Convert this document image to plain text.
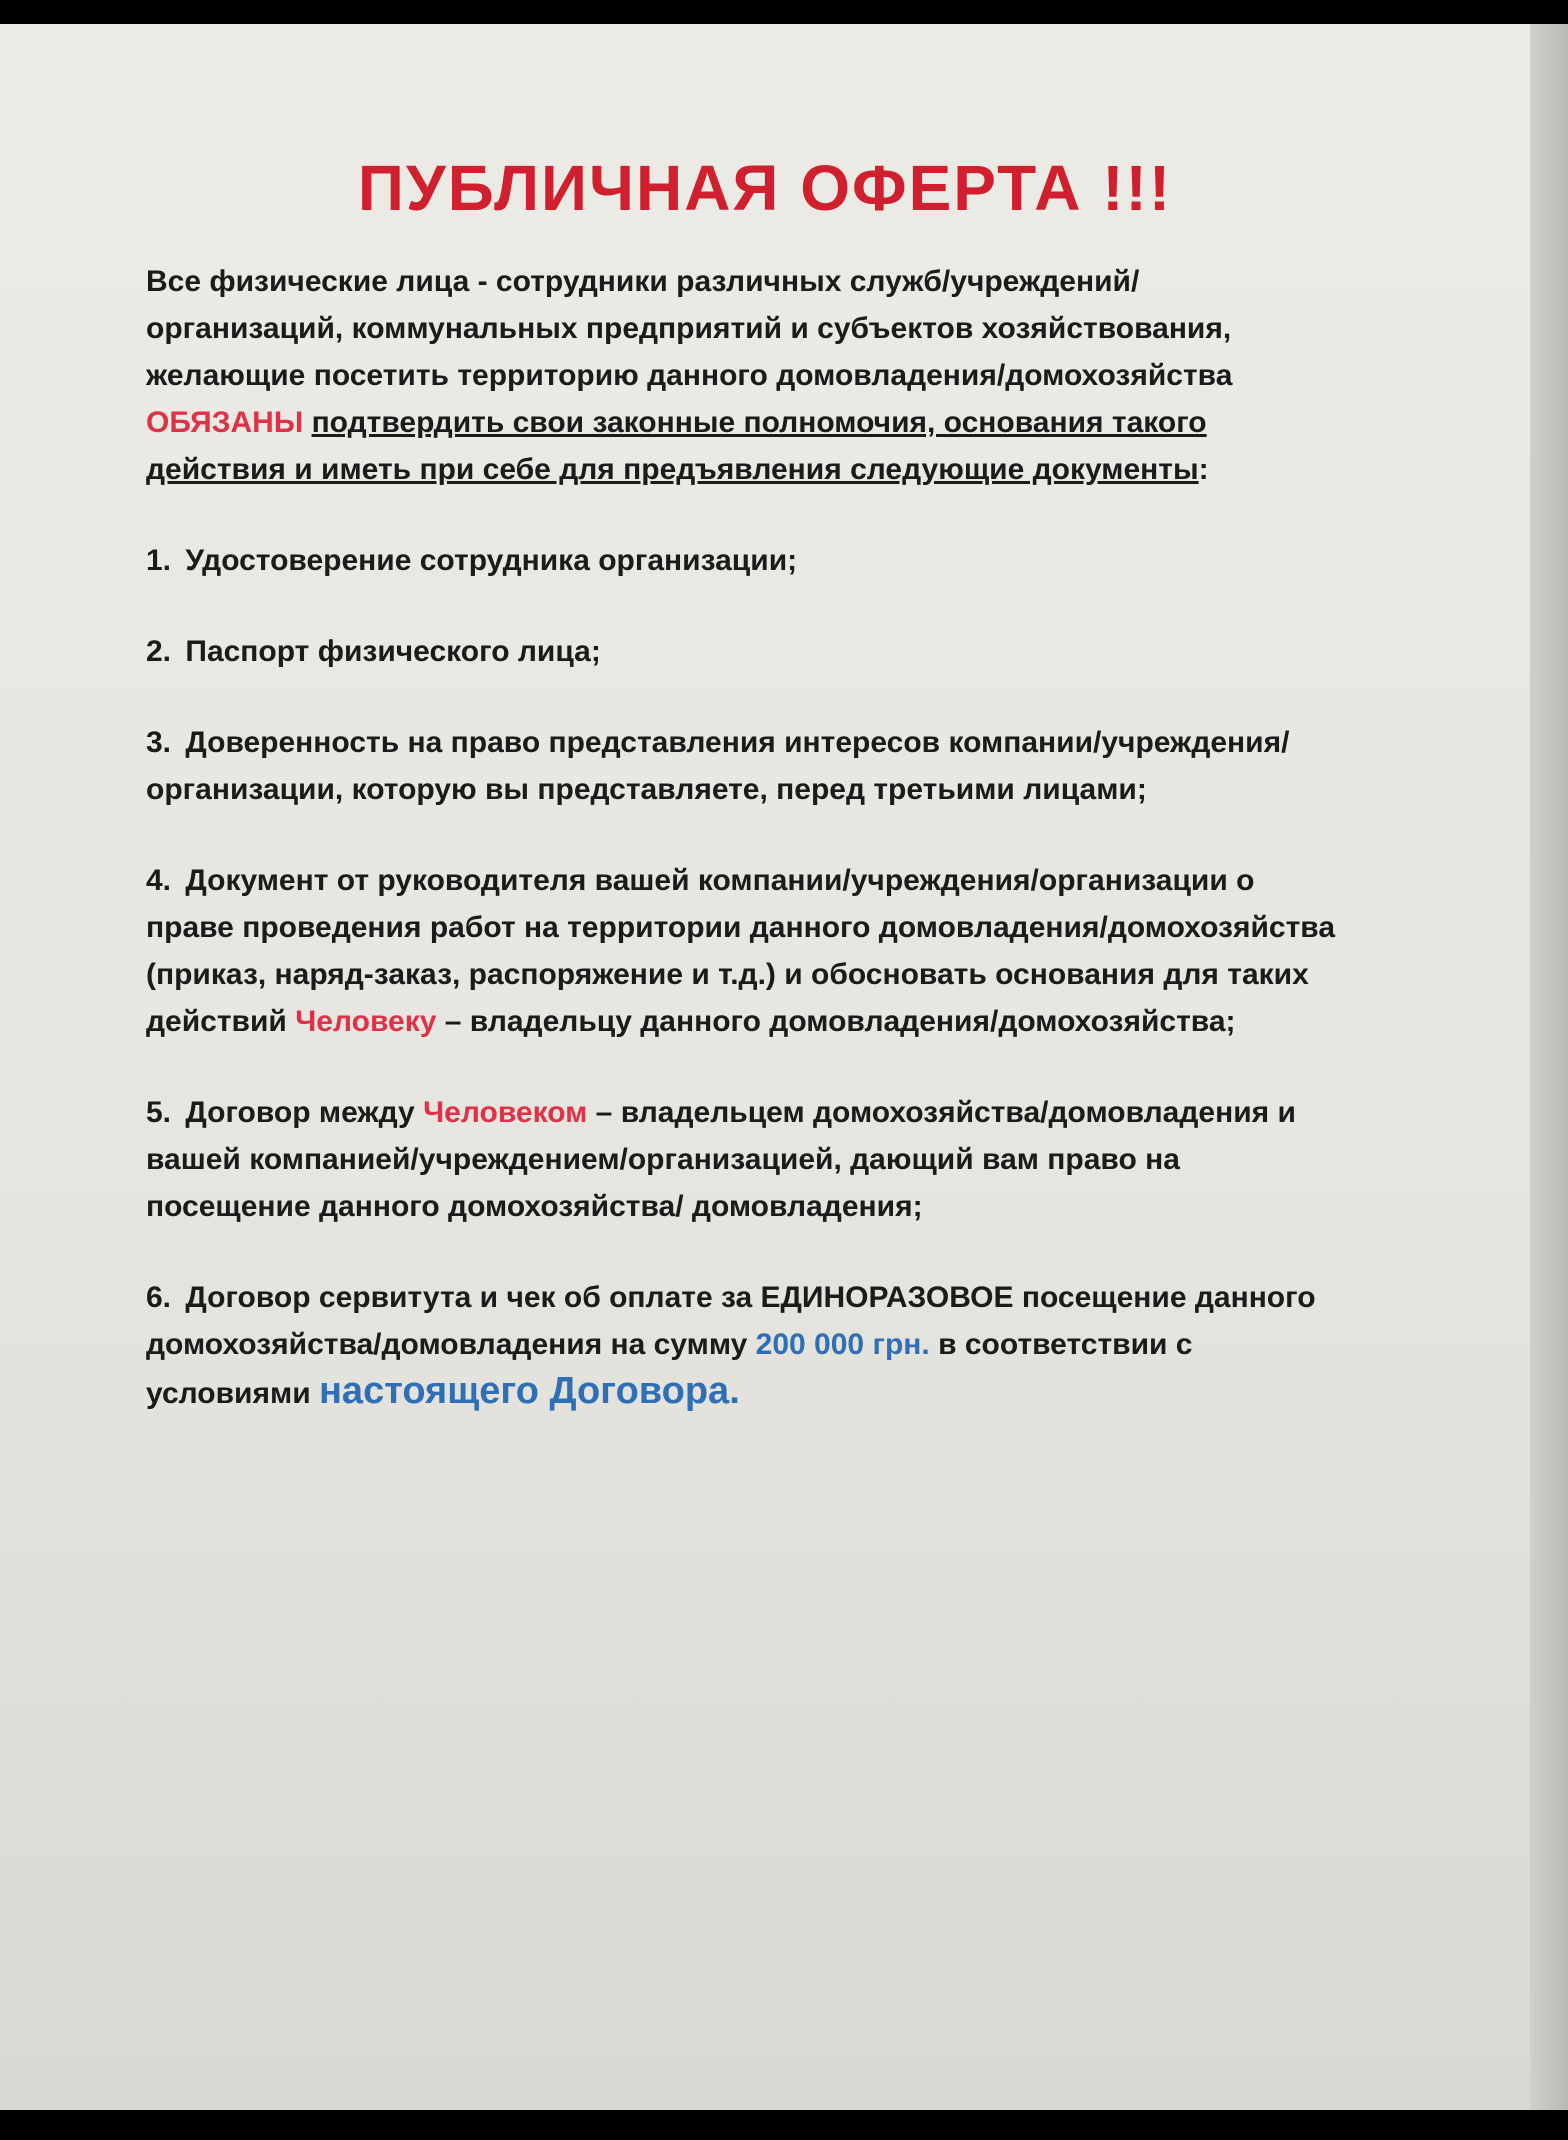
ПУБЛИЧНАЯ ОФЕРТА !!!

Все физические лица - сотрудники различных служб/учреждений/организаций, коммунальных предприятий и субъектов хозяйствования, желающие посетить территорию данного домовладения/домохозяйства ОБЯЗАНЫ подтвердить свои законные полномочия, основания такого действия и иметь при себе для предъявления следующие документы:

1. Удостоверение сотрудника организации;

2. Паспорт физического лица;

3. Доверенность на право представления интересов компании/учреждения/организации, которую вы представляете, перед третьими лицами;

4. Документ от руководителя вашей компании/учреждения/организации о праве проведения работ на территории данного домовладения/домохозяйства (приказ, наряд-заказ, распоряжение и т.д.) и обосновать основания для таких действий Человеку – владельцу данного домовладения/домохозяйства;

5. Договор между Человеком – владельцем домохозяйства/домовладения и вашей компанией/учреждением/организацией, дающий вам право на посещение данного домохозяйства/ домовладения;

6. Договор сервитута и чек об оплате за ЕДИНОРАЗОВОЕ посещение данного домохозяйства/домовладения на сумму 200 000 грн. в соответствии с условиями настоящего Договора.
